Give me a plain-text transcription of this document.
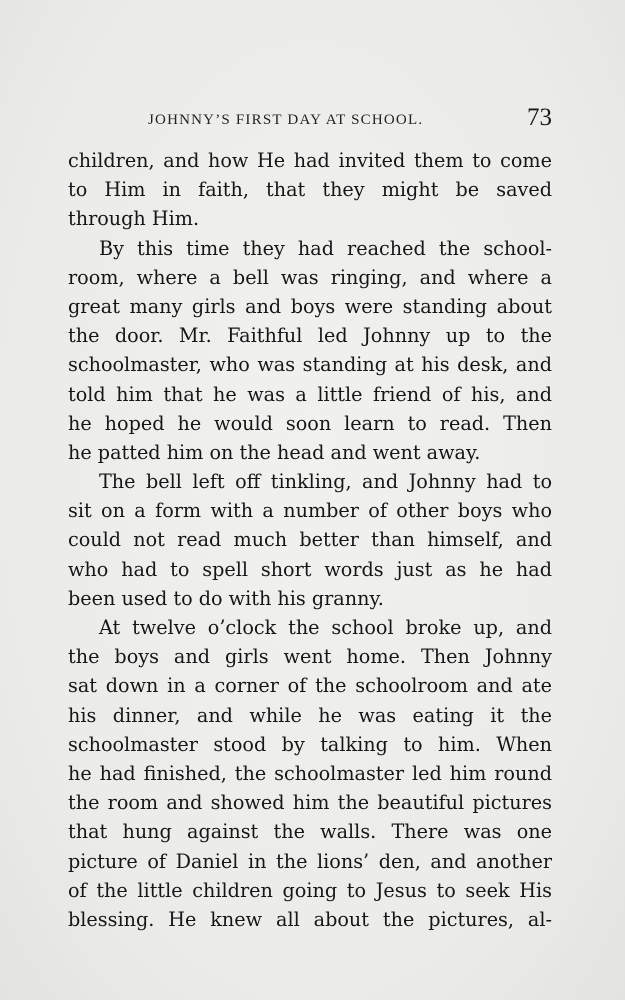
JOHNNY’S FIRST DAY AT SCHOOL.	73
children, and how He had invited them to come
to Him in faith, that they might be saved
through Him.
By this time they had reached the school-
room, where a bell was ringing, and where a
great many girls and boys were standing about
the door. Mr. Faithful led Johnny up to the
schoolmaster, who was standing at his desk, and
told him that he was a little friend of his, and
he hoped he would soon learn to read. Then
he patted him on the head and went away.
The bell left off tinkling, and Johnny had to
sit on a form with a number of other boys who
could not read much better than himself, and
who had to spell short words just as he had
been used to do with his granny.
At twelve o’clock the school broke up, and
the boys and girls went home. Then Johnny
sat down in a corner of the schoolroom and ate
his dinner, and while he was eating it the
schoolmaster stood by talking to him. When
he had finished, the schoolmaster led him round
the room and showed him the beautiful pictures
that hung against the walls. There was one
picture of Daniel in the lions’ den, and another
of the little children going to Jesus to seek His
blessing. He knew all about the pictures, al-
